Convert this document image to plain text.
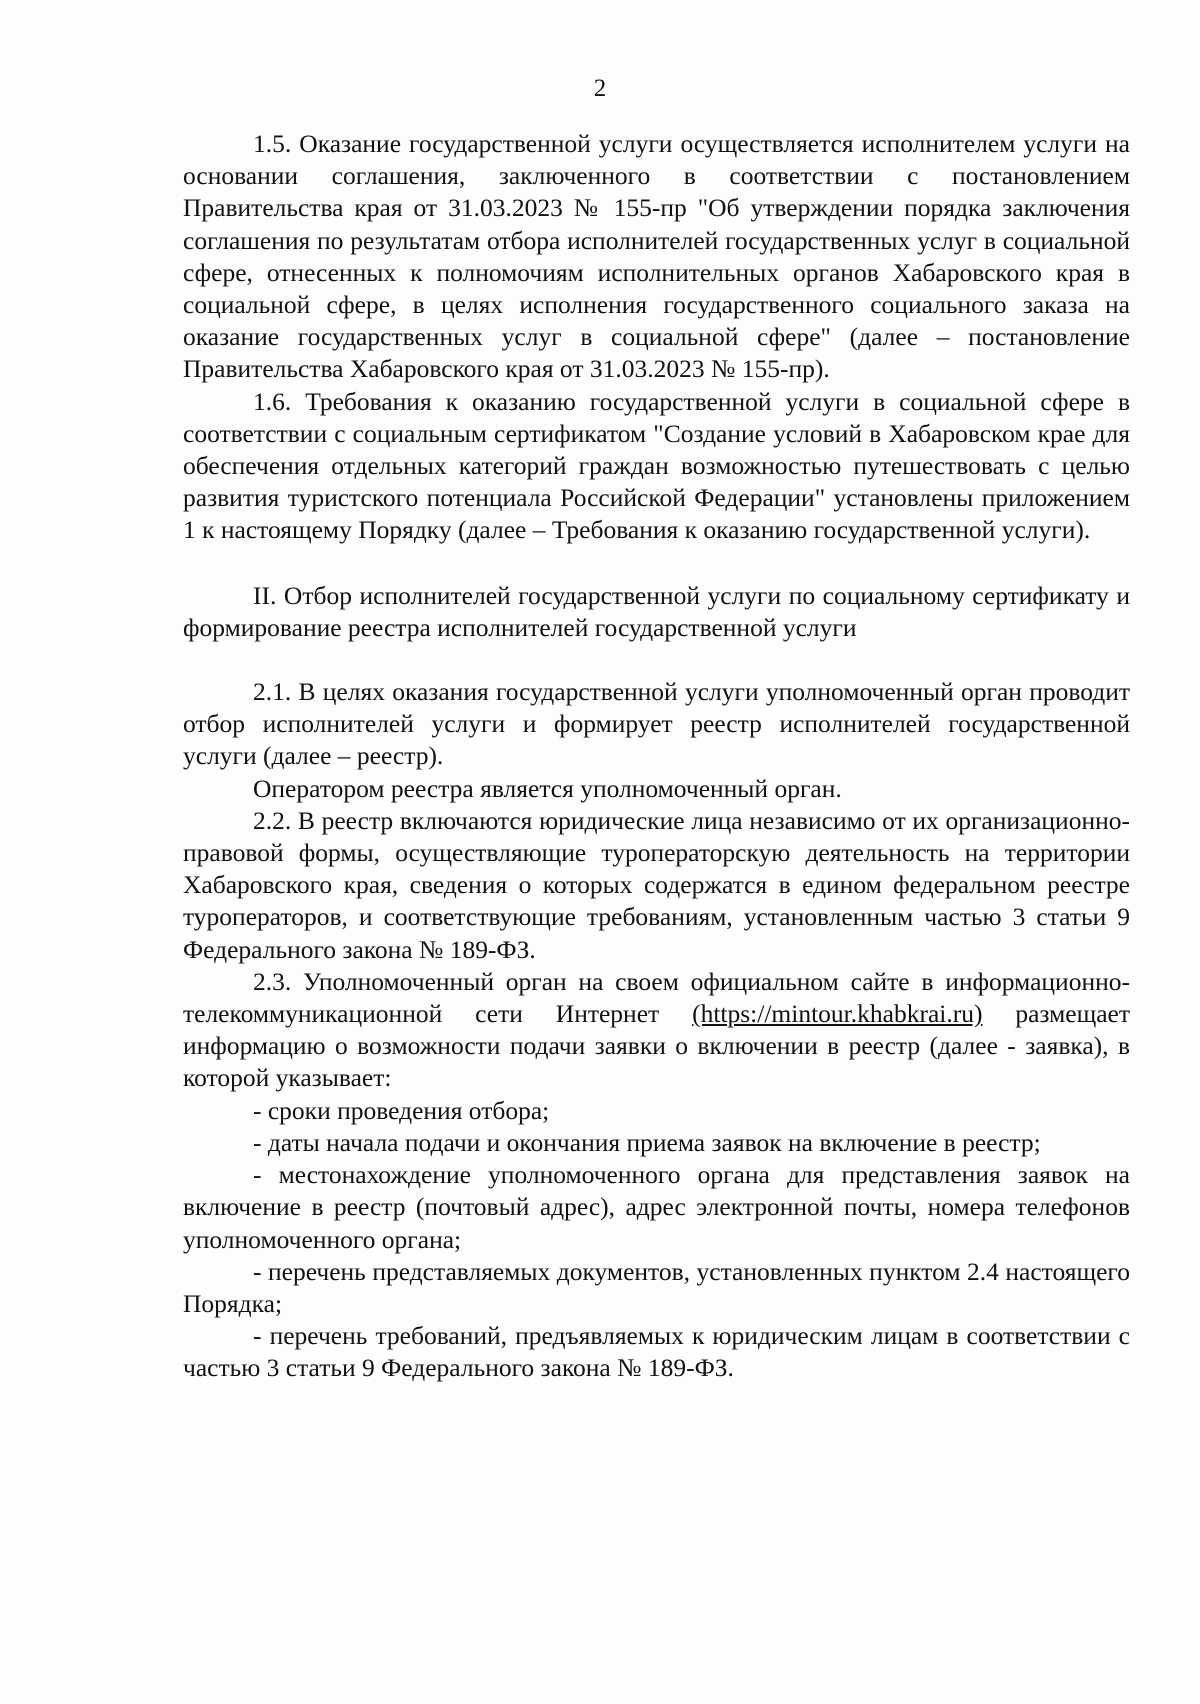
2

1.5. Оказание государственной услуги осуществляется исполнителем услуги на основании соглашения, заключенного в соответствии с постановлением Правительства края от 31.03.2023 № 155-пр "Об утверждении порядка заключения соглашения по результатам отбора исполнителей государственных услуг в социальной сфере, отнесенных к полномочиям исполнительных органов Хабаровского края в социальной сфере, в целях исполнения государственного социального заказа на оказание государственных услуг в социальной сфере" (далее – постановление Правительства Хабаровского края от 31.03.2023 № 155-пр).

1.6. Требования к оказанию государственной услуги в социальной сфере в соответствии с социальным сертификатом "Создание условий в Хабаровском крае для обеспечения отдельных категорий граждан возможностью путешествовать с целью развития туристского потенциала Российской Федерации" установлены приложением 1 к настоящему Порядку (далее – Требования к оказанию государственной услуги).

II. Отбор исполнителей государственной услуги по социальному сертификату и формирование реестра исполнителей государственной услуги

2.1. В целях оказания государственной услуги уполномоченный орган проводит отбор исполнителей услуги и формирует реестр исполнителей государственной услуги (далее – реестр).

Оператором реестра является уполномоченный орган.

2.2. В реестр включаются юридические лица независимо от их организационно-правовой формы, осуществляющие туроператорскую деятельность на территории Хабаровского края, сведения о которых содержатся в едином федеральном реестре туроператоров, и соответствующие требованиям, установленным частью 3 статьи 9 Федерального закона № 189-ФЗ.

2.3. Уполномоченный орган на своем официальном сайте в информационно-телекоммуникационной сети Интернет (https://mintour.khabkrai.ru) размещает информацию о возможности подачи заявки о включении в реестр (далее - заявка), в которой указывает:

- сроки проведения отбора;

- даты начала подачи и окончания приема заявок на включение в реестр;

- местонахождение уполномоченного органа для представления заявок на включение в реестр (почтовый адрес), адрес электронной почты, номера телефонов уполномоченного органа;

- перечень представляемых документов, установленных пунктом 2.4 настоящего Порядка;

- перечень требований, предъявляемых к юридическим лицам в соответствии с частью 3 статьи 9 Федерального закона № 189-ФЗ.
